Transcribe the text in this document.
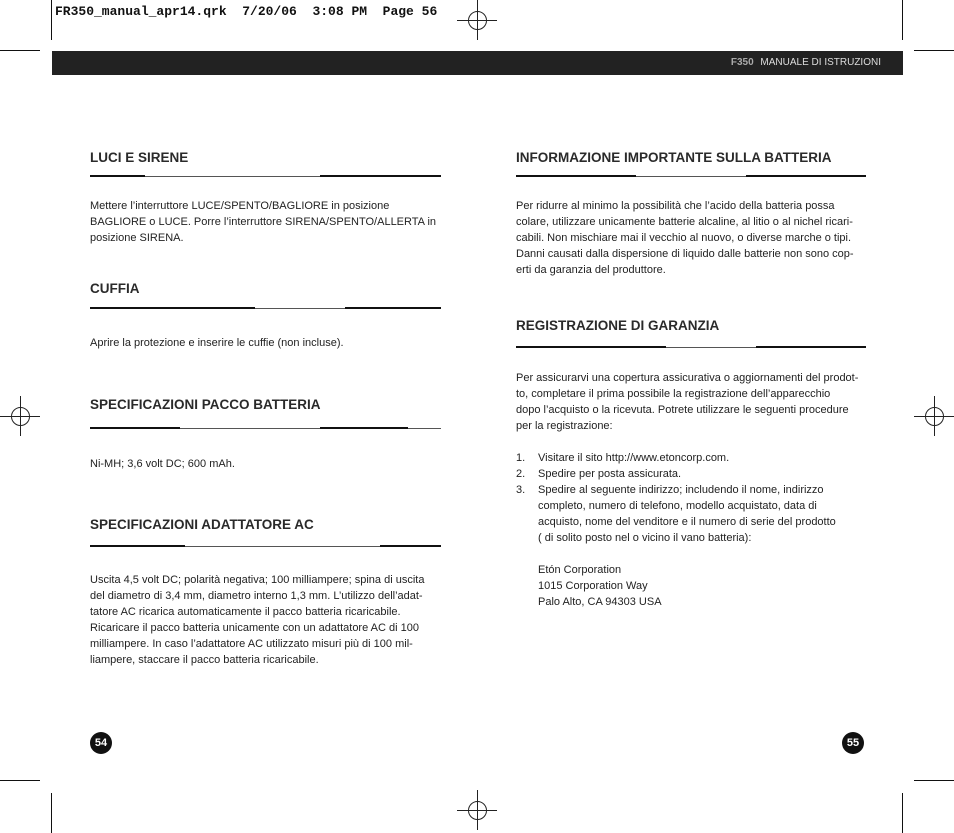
FR350_manual_apr14.qrk  7/20/06  3:08 PM  Page 56
F350 MANUALE DI ISTRUZIONI
LUCI E SIRENE

Mettere l’interruttore LUCE/SPENTO/BAGLIORE in posizione

BAGLIORE o LUCE. Porre l’interruttore SIRENA/SPENTO/ALLERTA in

posizione SIRENA.

CUFFIA

Aprire la protezione e inserire le cuffie (non incluse).

SPECIFICAZIONI PACCO BATTERIA

Ni-MH; 3,6 volt DC; 600 mAh.

SPECIFICAZIONI ADATTATORE AC

Uscita 4,5 volt DC; polarità negativa; 100 milliampere; spina di uscita

del diametro di 3,4 mm, diametro interno 1,3 mm. L’utilizzo dell’adat-

tatore AC ricarica automaticamente il pacco batteria ricaricabile.

Ricaricare il pacco batteria unicamente con un adattatore AC di 100

milliampere. In caso l’adattatore AC utilizzato misuri più di 100 mil-

liampere, staccare il pacco batteria ricaricabile.

INFORMAZIONE IMPORTANTE SULLA BATTERIA

Per ridurre al minimo la possibilità che l’acido della batteria possa

colare, utilizzare unicamente batterie alcaline, al litio o al nichel ricari-

cabili. Non mischiare mai il vecchio al nuovo, o diverse marche o tipi.

Danni causati dalla dispersione di liquido dalle batterie non sono cop-

erti da garanzia del produttore.

REGISTRAZIONE DI GARANZIA

Per assicurarvi una copertura assicurativa o aggiornamenti del prodot-

to, completare il prima possibile la registrazione dell’apparecchio

dopo l’acquisto o la ricevuta. Potrete utilizzare le seguenti procedure

per la registrazione:

1.	Visitare il sito http://www.etoncorp.com.

2.	Spedire per posta assicurata.

3.	Spedire al seguente indirizzo; includendo il nome, indirizzo

completo, numero di telefono, modello acquistato, data di

acquisto, nome del venditore e il numero di serie del prodotto

( di solito posto nel o vicino il vano batteria):

Etón Corporation

1015 Corporation Way

Palo Alto, CA 94303 USA

54	55
